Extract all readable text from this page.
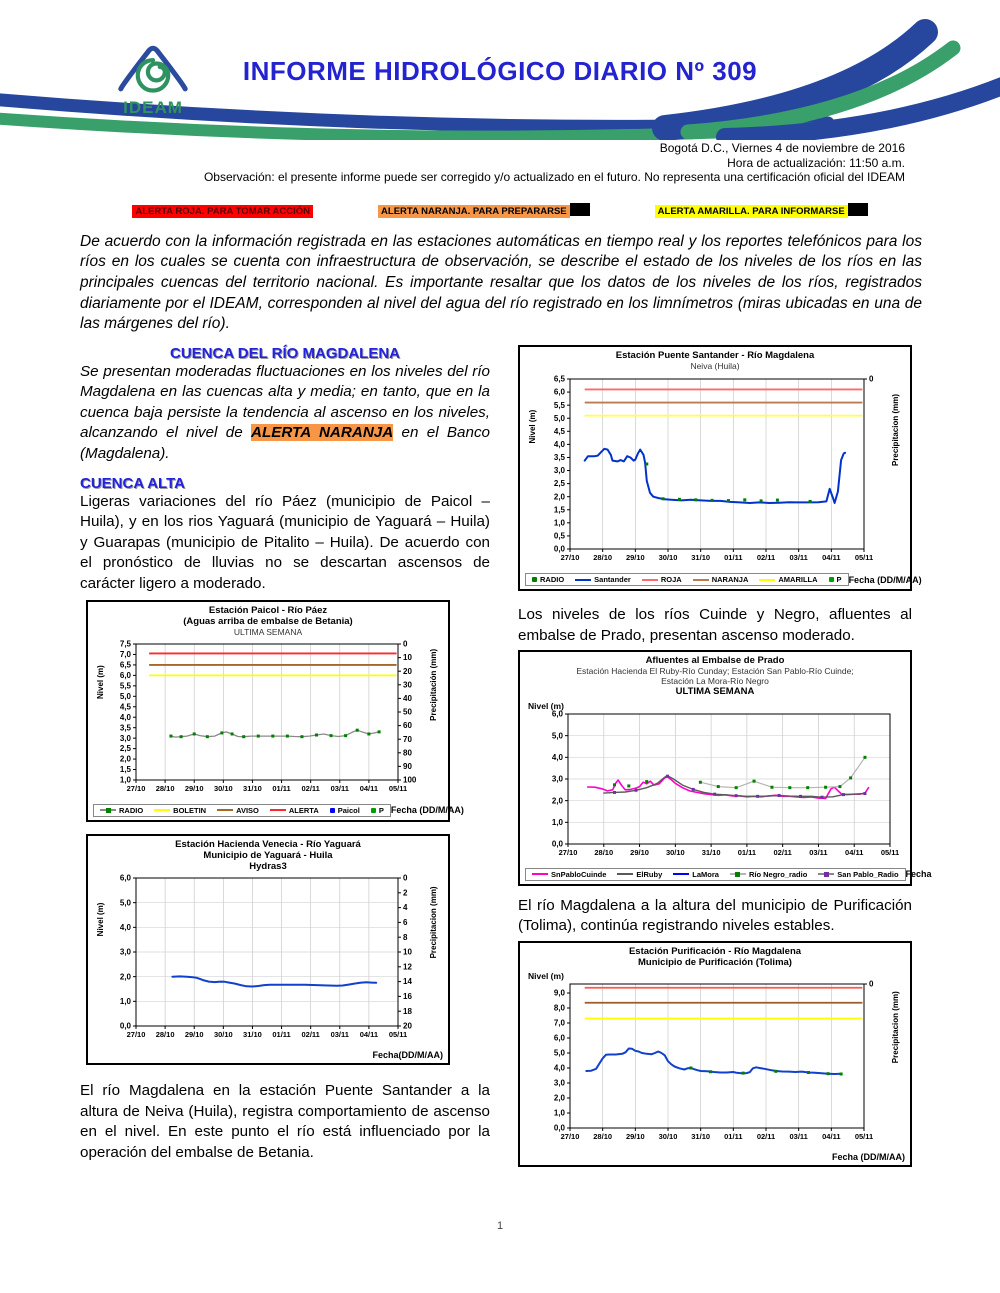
IDEAM
INFORME HIDROLÓGICO DIARIO Nº 309
Bogotá D.C., Viernes 4 de noviembre de 2016
Hora de actualización: 11:50 a.m.
Observación: el presente informe puede ser corregido y/o actualizado en el futuro. No representa una certificación oficial del IDEAM
ALERTA ROJA. PARA TOMAR ACCIÓN	ALERTA NARANJA. PARA PREPARARSE	ALERTA AMARILLA. PARA INFORMARSE
De acuerdo con la información registrada en las estaciones automáticas en tiempo real y los reportes telefónicos para los ríos en los cuales se cuenta con infraestructura de observación, se describe el estado de los niveles de los ríos en las principales cuencas del territorio nacional. Es importante resaltar que los datos de los niveles de los ríos, registrados diariamente por el IDEAM, corresponden al nivel del agua del río registrado en los limnímetros (miras ubicadas en una de las márgenes del río).
CUENCA DEL RÍO MAGDALENA
Se presentan moderadas fluctuaciones en los niveles del río Magdalena en las cuencas alta y media; en tanto, que en la cuenca baja persiste la tendencia al ascenso en los niveles, alcanzando el nivel de ALERTA NARANJA en el Banco (Magdalena).
CUENCA ALTA
Ligeras variaciones del río Páez (municipio de Paicol – Huila), y en los rios Yaguará (municipio de Yaguará – Huila) y Guarapas (municipio de Pitalito – Huila). De acuerdo con el pronóstico de lluvias no se descartan ascensos de carácter ligero a moderado.
Estación Paicol - Río Páez
(Aguas arriba de embalse de Betania)
ULTIMA SEMANA
1,0
1,5
2,0
2,5
3,0
3,5
4,0
4,5
5,0
5,5
6,0
6,5
7,0
7,5	0
10
20
30
40
50
60
70
80
90
100
27/10 28/10 29/10 30/10 31/10 01/11 02/11 03/11 04/11 05/11
Nivel (m)	Precipitación (mm)
RADIO	BOLETIN	AVISO	ALERTA	Paicol	P Fecha (DD/M/AA)
Estación Hacienda Venecia - Río Yaguará
Municipio de Yaguará - Huila
Hydras3
0,0
1,0
2,0
3,0
4,0
5,0
6,0	0
2
4
6
8
10
12
14
16
18
20
27/10 28/10 29/10 30/10 31/10 01/11 02/11 03/11 04/11 05/11
Nivel (m)	Precipitacion (mm)
Fecha(DD/M/AA)
El río Magdalena en la estación Puente Santander a la altura de Neiva (Huila), registra comportamiento de ascenso en el nivel. En este punto el río está influenciado por la operación del embalse de Betania.
Estación Puente Santander - Río Magdalena
Neiva (Huila)
0,0
0,5
1,0
1,5
2,0
2,5
3,0
3,5
4,0
4,5
5,0
5,5
6,0
6,5	0
27/10 28/10 29/10 30/10 31/10 01/11 02/11 03/11 04/11 05/11
Nivel (m)	Precipitacion (mm)
RADIO	Santander	ROJA	NARANJA	AMARILLA	P Fecha (DD/M/AA)
Los niveles de los ríos Cuinde y Negro, afluentes al embalse de Prado, presentan ascenso moderado.
Afluentes al Embalse de Prado
Estación Hacienda El Ruby-Río Cunday; Estación San Pablo-Río Cuinde;
Estación La Mora-Río Negro
ULTIMA SEMANA
0,0
1,0
2,0
3,0
4,0
5,0
6,0
27/10 28/10 29/10 30/10 31/10 01/11 02/11 03/11 04/11 05/11
Nivel (m)
SnPabloCuinde	ElRuby	LaMora	Río Negro_radio	San Pablo_Radio Fecha
El río Magdalena a la altura del municipio de Purificación (Tolima), continúa registrando niveles estables.
Estación Purificación - Río Magdalena
Municipio de Purificación (Tolima)
0,0
1,0
2,0
3,0
4,0
5,0
6,0
7,0
8,0
9,0
0
27/10 28/10 29/10 30/10 31/10 01/11 02/11 03/11 04/11 05/11
Nivel (m)
Precipitacion (mm)
Fecha (DD/M/AA)
1
